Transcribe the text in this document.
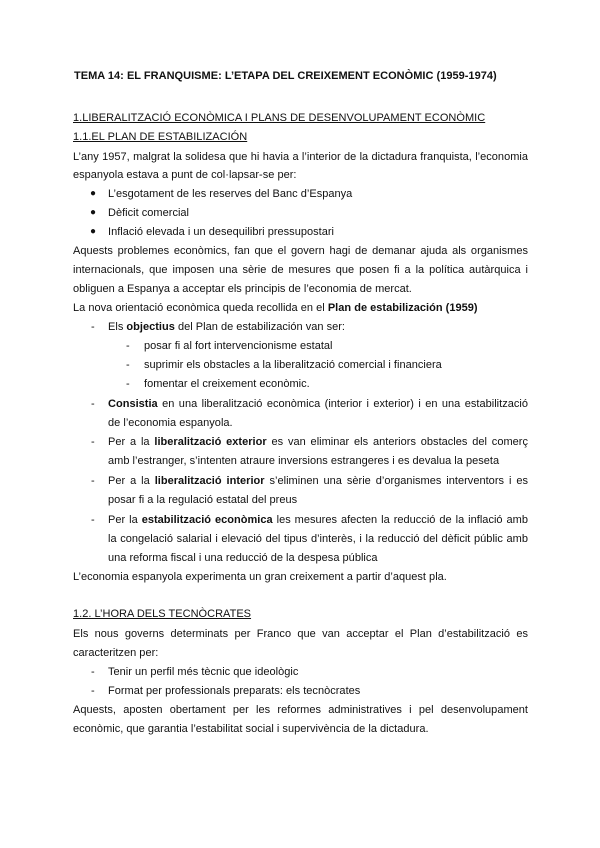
TEMA 14: EL FRANQUISME: L’ETAPA DEL CREIXEMENT ECONÒMIC (1959-1974)
1.LIBERALITZACIÓ ECONÒMICA I PLANS DE DESENVOLUPAMENT ECONÒMIC
1.1.EL PLAN DE ESTABILIZACIÓN
L’any 1957, malgrat la solidesa que hi havia a l’interior de la dictadura franquista, l’economia
espanyola estava a punt de col·lapsar-se per:
● L’esgotament de les reserves del Banc d’Espanya
● Dèficit comercial
● Inflació elevada i un desequilibri pressupostari
Aquests problemes econòmics, fan que el govern hagi de demanar ajuda als organismes
internacionals, que imposen una sèrie de mesures que posen fi a la política autàrquica i
obliguen a Espanya a acceptar els principis de l’economia de mercat.
La nova orientació econòmica queda recollida en el Plan de estabilización (1959)
- Els objectius del Plan de estabilización van ser:
- posar fi al fort intervencionisme estatal
- suprimir els obstacles a la liberalització comercial i financiera
- fomentar el creixement econòmic.
- Consistia en una liberalització econòmica (interior i exterior) i en una estabilització
de l’economia espanyola.
- Per a la liberalització exterior es van eliminar els anteriors obstacles del comerç
amb l’estranger, s’intenten atraure inversions estrangeres i es devalua la peseta
- Per a la liberalització interior s’eliminen una sèrie d’organismes interventors i es
posar fi a la regulació estatal del preus
- Per la estabilització econòmica les mesures afecten la reducció de la inflació amb
la congelació salarial i elevació del tipus d’interès, i la reducció del dèficit públic amb
una reforma fiscal i una reducció de la despesa pública
L’economia espanyola experimenta un gran creixement a partir d’aquest pla.
1.2. L’HORA DELS TECNÒCRATES
Els nous governs determinats per Franco que van acceptar el Plan d’estabilització es
caracteritzen per:
- Tenir un perfil més tècnic que ideològic
- Format per professionals preparats: els tecnòcrates
Aquests, aposten obertament per les reformes administratives i pel desenvolupament
econòmic, que garantia l’estabilitat social i supervivència de la dictadura.
